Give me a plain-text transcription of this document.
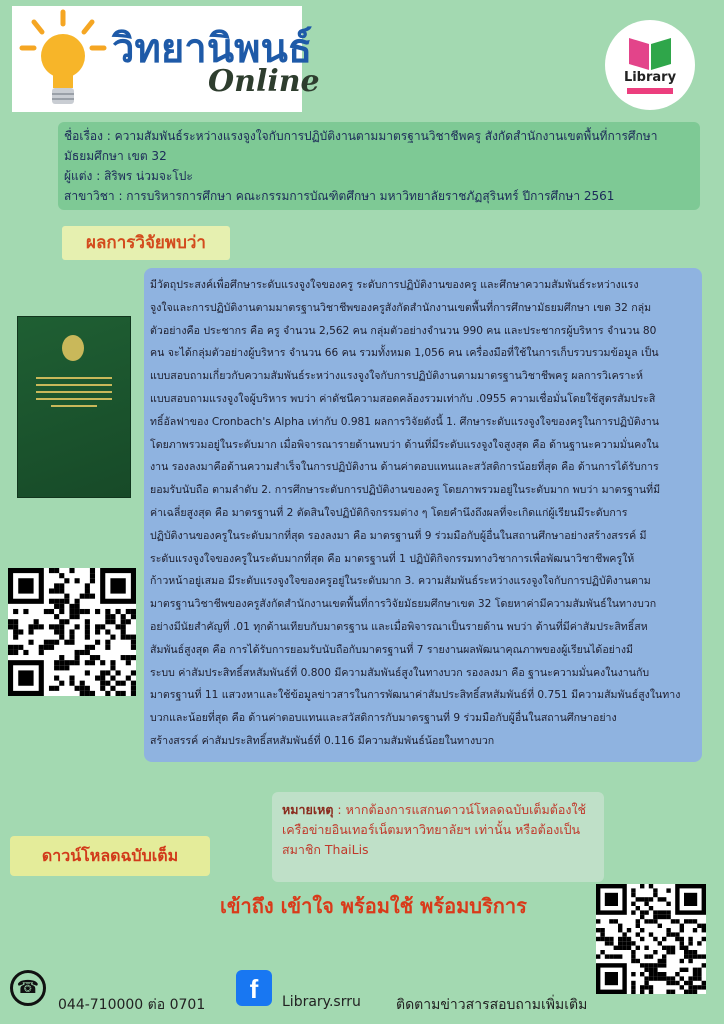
วิทยานิพนธ์
Online	Library
ชื่อเรื่อง : ความสัมพันธ์ระหว่างแรงจูงใจกับการปฏิบัติงานตามมาตรฐานวิชาชีพครู สังกัดสำนักงานเขตพื้นที่การศึกษา
มัธยมศึกษา เขต 32
ผู้แต่ง : สิริพร น่วมจะโปะ
สาขาวิชา : การบริหารการศึกษา คณะกรรมการบัณฑิตศึกษา มหาวิทยาลัยราชภัฏสุรินทร์ ปีการศึกษา 2561
ผลการวิจัยพบว่า
มีวัตถุประสงค์เพื่อศึกษาระดับแรงจูงใจของครู ระดับการปฏิบัติงานของครู และศึกษาความสัมพันธ์ระหว่างแรง
จูงใจและการปฏิบัติงานตามมาตรฐานวิชาชีพของครูสังกัดสำนักงานเขตพื้นที่การศึกษามัธยมศึกษา เขต 32 กลุ่ม
ตัวอย่างคือ ประชากร คือ ครู จำนวน 2,562 คน กลุ่มตัวอย่างจำนวน 990 คน และประชากรผู้บริหาร จำนวน 80
คน จะได้กลุ่มตัวอย่างผู้บริหาร จำนวน 66 คน รวมทั้งหมด 1,056 คน เครื่องมือที่ใช้ในการเก็บรวบรวมข้อมูล เป็น
แบบสอบถามเกี่ยวกับความสัมพันธ์ระหว่างแรงจูงใจกับการปฏิบัติงานตามมาตรฐานวิชาชีพครู ผลการวิเคราะห์
แบบสอบถามแรงจูงใจผู้บริหาร พบว่า ค่าดัชนีความสอดคล้องรวมเท่ากับ .0955 ความเชื่อมั่นโดยใช้สูตรสัมประสิ
ทธิ์อัลฟาของ Cronbach's Alpha เท่ากับ 0.981 ผลการวิจัยดังนี้ 1. ศึกษาระดับแรงจูงใจของครูในการปฏิบัติงาน
โดยภาพรวมอยู่ในระดับมาก เมื่อพิจารณารายด้านพบว่า ด้านที่มีระดับแรงจูงใจสูงสุด คือ ด้านฐานะความมั่นคงใน
งาน รองลงมาคือด้านความสำเร็จในการปฏิบัติงาน ด้านค่าตอบแทนและสวัสดิการน้อยที่สุด คือ ด้านการได้รับการ
ยอมรับนับถือ ตามลำดับ 2. การศึกษาระดับการปฏิบัติงานของครู โดยภาพรวมอยู่ในระดับมาก พบว่า มาตรฐานที่มี
ค่าเฉลี่ยสูงสุด คือ มาตรฐานที่ 2 ตัดสินใจปฏิบัติกิจกรรมต่าง ๆ โดยคำนึงถึงผลที่จะเกิดแก่ผู้เรียนมีระดับการ
ปฏิบัติงานของครูในระดับมากที่สุด รองลงมา คือ มาตรฐานที่ 9 ร่วมมือกับผู้อื่นในสถานศึกษาอย่างสร้างสรรค์ มี
ระดับแรงจูงใจของครูในระดับมากที่สุด คือ มาตรฐานที่ 1 ปฏิบัติกิจกรรมทางวิชาการเพื่อพัฒนาวิชาชีพครูให้
ก้าวหน้าอยู่เสมอ มีระดับแรงจูงใจของครูอยู่ในระดับมาก 3. ความสัมพันธ์ระหว่างแรงจูงใจกับการปฏิบัติงานตาม
มาตรฐานวิชาชีพของครูสังกัดสำนักงานเขตพื้นที่การวิจัยมัธยมศึกษาเขต 32 โดยหาค่ามีความสัมพันธ์ในทางบวก
อย่างมีนัยสำคัญที่ .01 ทุกด้านเทียบกับมาตรฐาน และเมื่อพิจารณาเป็นรายด้าน พบว่า ด้านที่มีค่าสัมประสิทธิ์สห
สัมพันธ์สูงสุด คือ การได้รับการยอมรับนับถือกับมาตรฐานที่ 7 รายงานผลพัฒนาคุณภาพของผู้เรียนได้อย่างมี
ระบบ ค่าสัมประสิทธิ์สหสัมพันธ์ที่ 0.800 มีความสัมพันธ์สูงในทางบวก รองลงมา คือ ฐานะความมั่นคงในงานกับ
มาตรฐานที่ 11 แสวงหาและใช้ข้อมูลข่าวสารในการพัฒนาค่าสัมประสิทธิ์สหสัมพันธ์ที่ 0.751 มีความสัมพันธ์สูงในทาง
บวกและน้อยที่สุด คือ ด้านค่าตอบแทนและสวัสดิการกับมาตรฐานที่ 9 ร่วมมือกับผู้อื่นในสถานศึกษาอย่าง
สร้างสรรค์ ค่าสัมประสิทธิ์สหสัมพันธ์ที่ 0.116 มีความสัมพันธ์น้อยในทางบวก
หมายเหตุ : หากต้องการแสกนดาวน์โหลดฉบับเต็มต้องใช้เครือข่ายอินเทอร์เน็ตมหาวิทยาลัยฯ เท่านั้น หรือต้องเป็นสมาชิก ThaiLis
ดาวน์โหลดฉบับเต็ม
เข้าถึง เข้าใจ พร้อมใช้ พร้อมบริการ
☎
044-710000 ต่อ 0701
f	Library.srru	ติดตามข่าวสารสอบถามเพิ่มเติม
